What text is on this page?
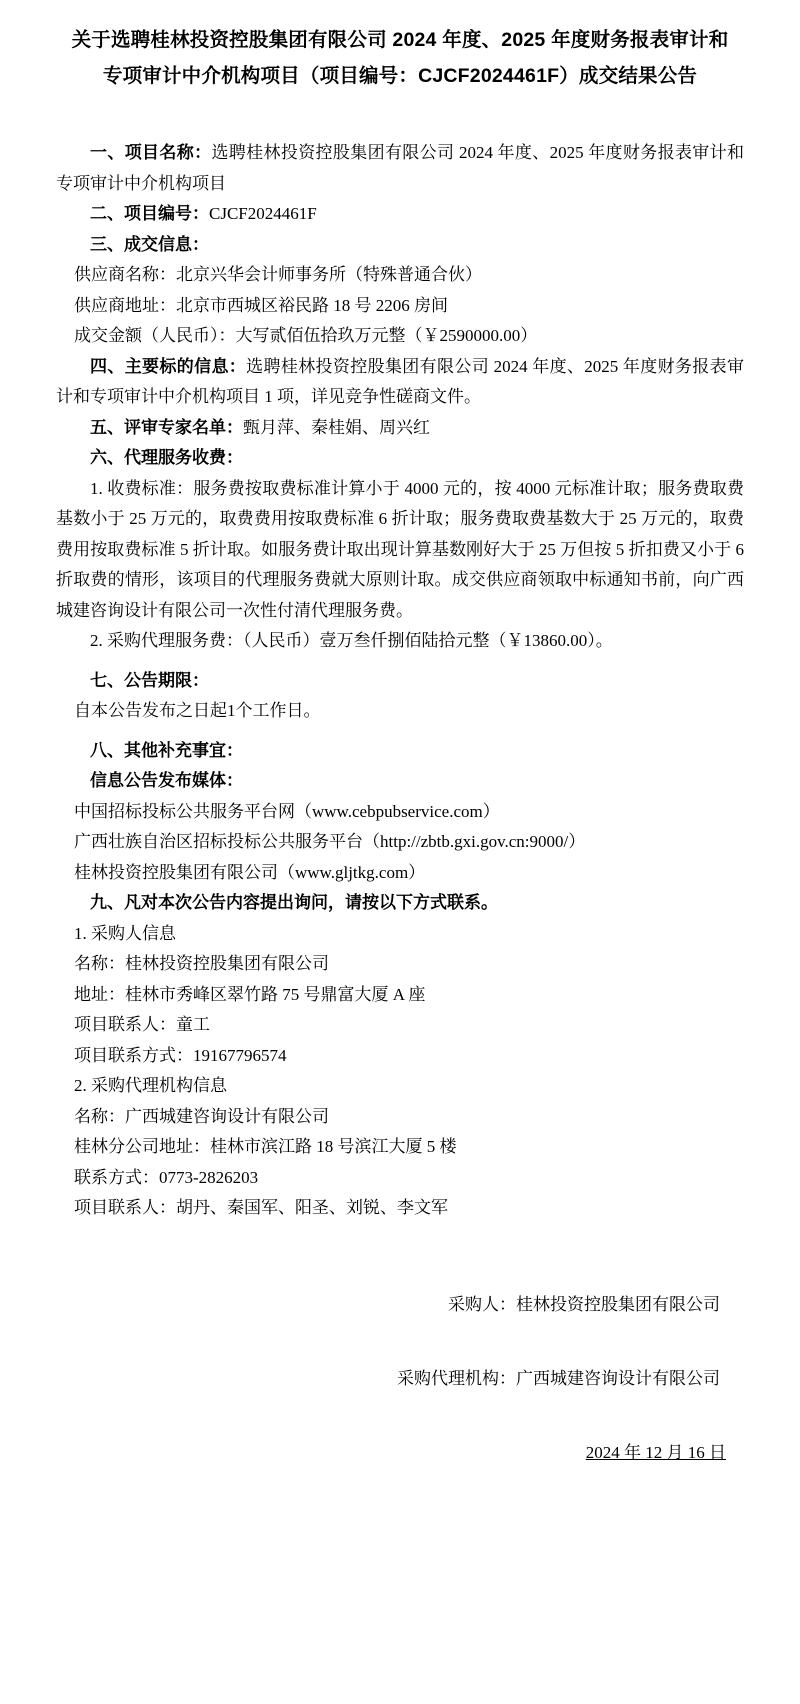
关于选聘桂林投资控股集团有限公司 2024 年度、2025 年度财务报表审计和
专项审计中介机构项目（项目编号：CJCF2024461F）成交结果公告

一、项目名称：选聘桂林投资控股集团有限公司 2024 年度、2025 年度财务报表审计和专项审计中介机构项目

二、项目编号：CJCF2024461F

三、成交信息：

供应商名称：北京兴华会计师事务所（特殊普通合伙）

供应商地址：北京市西城区裕民路 18 号 2206 房间

成交金额（人民币）：大写贰佰伍拾玖万元整（￥2590000.00）

四、主要标的信息：选聘桂林投资控股集团有限公司 2024 年度、2025 年度财务报表审计和专项审计中介机构项目 1 项，详见竞争性磋商文件。

五、评审专家名单：甄月萍、秦桂娟、周兴红

六、代理服务收费：

1. 收费标准：服务费按取费标准计算小于 4000 元的，按 4000 元标准计取；服务费取费基数小于 25 万元的，取费费用按取费标准 6 折计取；服务费取费基数大于 25 万元的，取费费用按取费标准 5 折计取。如服务费计取出现计算基数刚好大于 25 万但按 5 折扣费又小于 6 折取费的情形，该项目的代理服务费就大原则计取。成交供应商领取中标通知书前，向广西城建咨询设计有限公司一次性付清代理服务费。

2. 采购代理服务费：（人民币）壹万叁仟捌佰陆拾元整（￥13860.00）。

七、公告期限：

自本公告发布之日起1个工作日。

八、其他补充事宜：

信息公告发布媒体：

中国招标投标公共服务平台网（www.cebpubservice.com）

广西壮族自治区招标投标公共服务平台（http://zbtb.gxi.gov.cn:9000/）

桂林投资控股集团有限公司（www.gljtkg.com）

九、凡对本次公告内容提出询问，请按以下方式联系。

1. 采购人信息

名称：桂林投资控股集团有限公司

地址：桂林市秀峰区翠竹路 75 号鼎富大厦 A 座

项目联系人：童工

项目联系方式：19167796574

2. 采购代理机构信息

名称：广西城建咨询设计有限公司

桂林分公司地址：桂林市滨江路 18 号滨江大厦 5 楼

联系方式：0773-2826203

项目联系人：胡丹、秦国军、阳圣、刘锐、李文军

采购人：桂林投资控股集团有限公司

采购代理机构：广西城建咨询设计有限公司

2024 年 12 月 16 日
